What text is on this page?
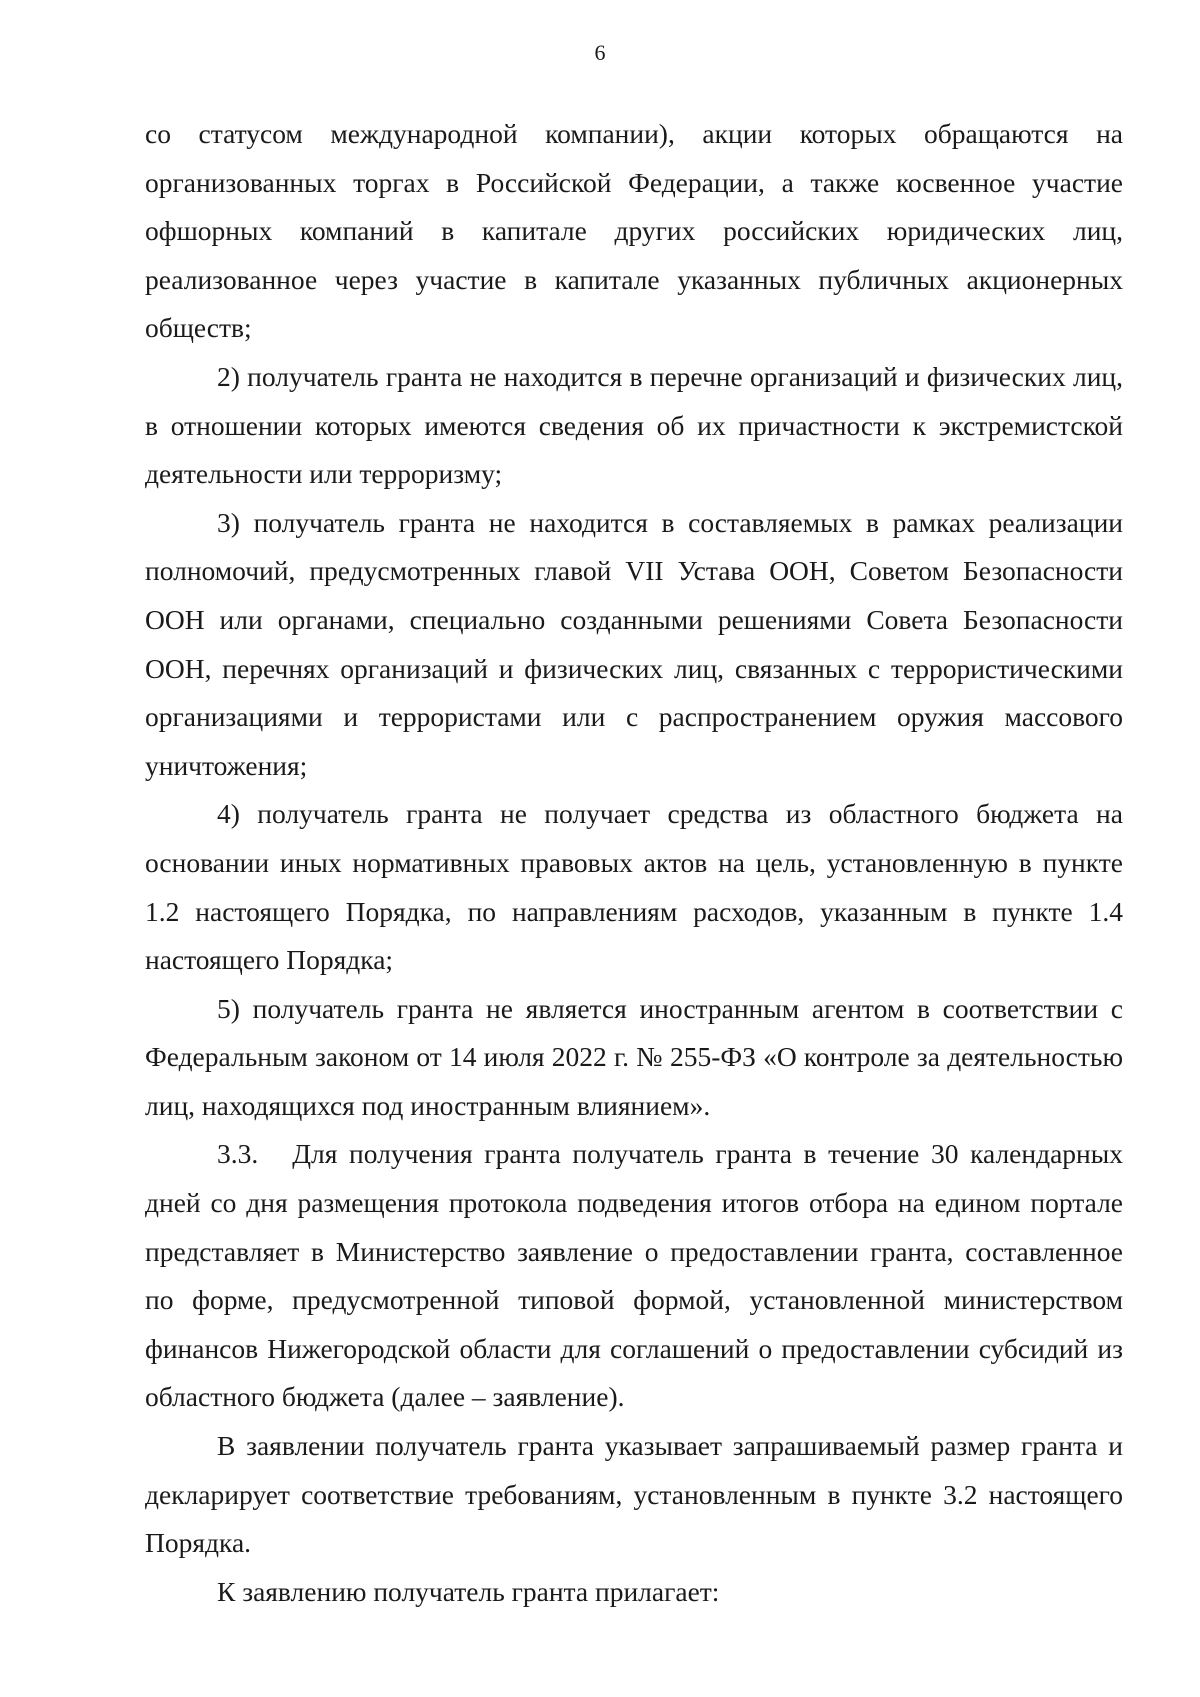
6

со статусом международной компании), акции которых обращаются на организованных торгах в Российской Федерации, а также косвенное участие офшорных компаний в капитале других российских юридических лиц, реализованное через участие в капитале указанных публичных акционерных обществ;

2) получатель гранта не находится в перечне организаций и физических лиц, в отношении которых имеются сведения об их причастности к экстремистской деятельности или терроризму;

3) получатель гранта не находится в составляемых в рамках реализации полномочий, предусмотренных главой VII Устава ООН, Советом Безопасности ООН или органами, специально созданными решениями Совета Безопасности ООН, перечнях организаций и физических лиц, связанных с террористическими организациями и террористами или с распространением оружия массового уничтожения;

4) получатель гранта не получает средства из областного бюджета на основании иных нормативных правовых актов на цель, установленную в пункте 1.2 настоящего Порядка, по направлениям расходов, указанным в пункте 1.4 настоящего Порядка;

5) получатель гранта не является иностранным агентом в соответствии с Федеральным законом от 14 июля 2022 г. № 255-ФЗ «О контроле за деятельностью лиц, находящихся под иностранным влиянием».

3.3. Для получения гранта получатель гранта в течение 30 календарных дней со дня размещения протокола подведения итогов отбора на едином портале представляет в Министерство заявление о предоставлении гранта, составленное по форме, предусмотренной типовой формой, установленной министерством финансов Нижегородской области для соглашений о предоставлении субсидий из областного бюджета (далее – заявление).

В заявлении получатель гранта указывает запрашиваемый размер гранта и декларирует соответствие требованиям, установленным в пункте 3.2 настоящего Порядка.

К заявлению получатель гранта прилагает:
